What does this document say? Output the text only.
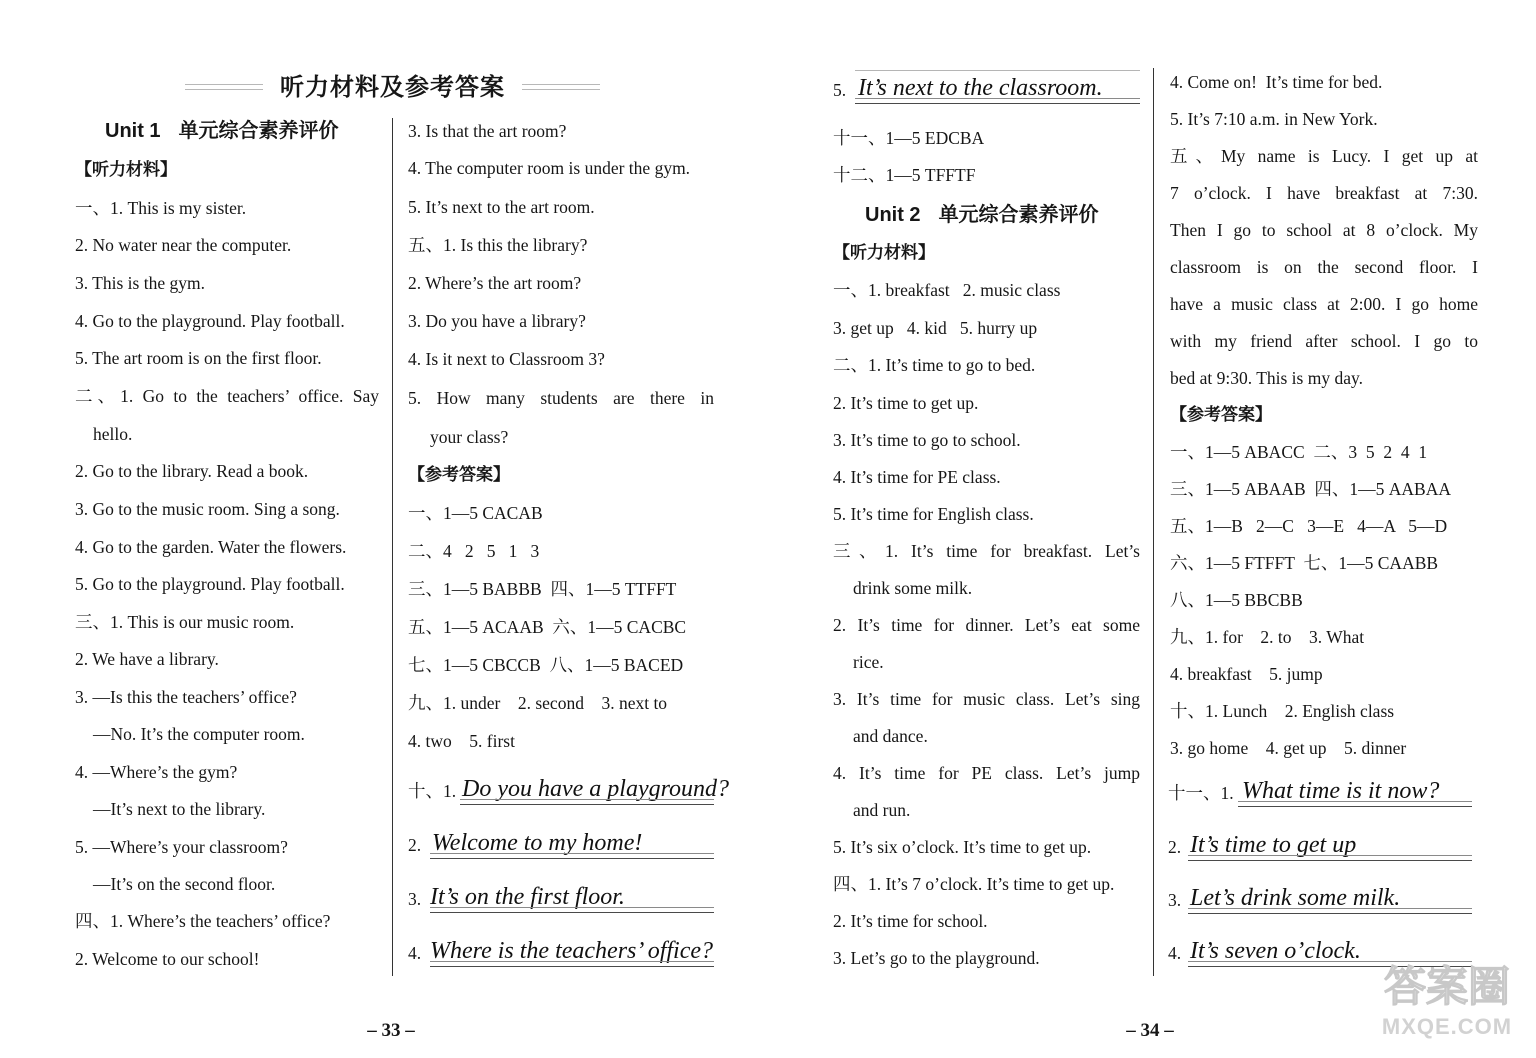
听力材料及参考答案
Unit 1 单元综合素养评价
【听力材料】
一、1. This is my sister.
2. No water near the computer.
3. This is the gym.
4. Go to the playground. Play football.
5. The art room is on the first floor.
二、1. Go to the teachers’ office. Say
hello.
2. Go to the library. Read a book.
3. Go to the music room. Sing a song.
4. Go to the garden. Water the flowers.
5. Go to the playground. Play football.
三、1. This is our music room.
2. We have a library.
3. —Is this the teachers’ office?
—No. It’s the computer room.
4. —Where’s the gym?
—It’s next to the library.
5. —Where’s your classroom?
—It’s on the second floor.
四、1. Where’s the teachers’ office?
2. Welcome to our school!
3. Is that the art room?
4. The computer room is under the gym.
5. It’s next to the art room.
五、1. Is this the library?
2. Where’s the art room?
3. Do you have a library?
4. Is it next to Classroom 3?
5. How many students are there in
your class?
【参考答案】
一、1—5 CACAB
二、4   2   5   1   3
三、1—5 BABBB  四、1—5 TTFFT
五、1—5 ACAAB  六、1—5 CACBC
七、1—5 CBCCB  八、1—5 BACED
九、1. under    2. second    3. next to
4. two    5. first
十、1. Do you have a playground?
2. Welcome to my home!
3. It’s on the first floor.
4. Where is the teachers’ office?
– 33 –
5. It’s next to the classroom.
十一、1—5 EDCBA
十二、1—5 TFFTF
Unit 2 单元综合素养评价
【听力材料】
一、1. breakfast   2. music class
3. get up   4. kid   5. hurry up
二、1. It’s time to go to bed.
2. It’s time to get up.
3. It’s time to go to school.
4. It’s time for PE class.
5. It’s time for English class.
三、1. It’s time for breakfast. Let’s
drink some milk.
2. It’s time for dinner. Let’s eat some
rice.
3. It’s time for music class. Let’s sing
and dance.
4. It’s time for PE class. Let’s jump
and run.
5. It’s six o’clock. It’s time to get up.
四、1. It’s 7 o’clock. It’s time to get up.
2. It’s time for school.
3. Let’s go to the playground.
4. Come on!  It’s time for bed.
5. It’s 7:10 a.m. in New York.
五、My name is Lucy. I get up at
7 o’clock. I have breakfast at 7:30.
Then I go to school at 8 o’clock. My
classroom is on the second floor. I
have a music class at 2:00. I go home
with my friend after school. I go to
bed at 9:30. This is my day.
【参考答案】
一、1—5 ABACC  二、3  5  2  4  1
三、1—5 ABAAB  四、1—5 AABAA
五、1—B   2—C   3—E   4—A   5—D
六、1—5 FTFFT  七、1—5 CAABB
八、1—5 BBCBB
九、1. for    2. to    3. What
4. breakfast    5. jump
十、1. Lunch    2. English class
3. go home    4. get up    5. dinner
十一、1. What time is it now?
2. It’s time to get up
3. Let’s drink some milk.
4. It’s seven o’clock.
– 34 –
答案圈
MXQE.COM
